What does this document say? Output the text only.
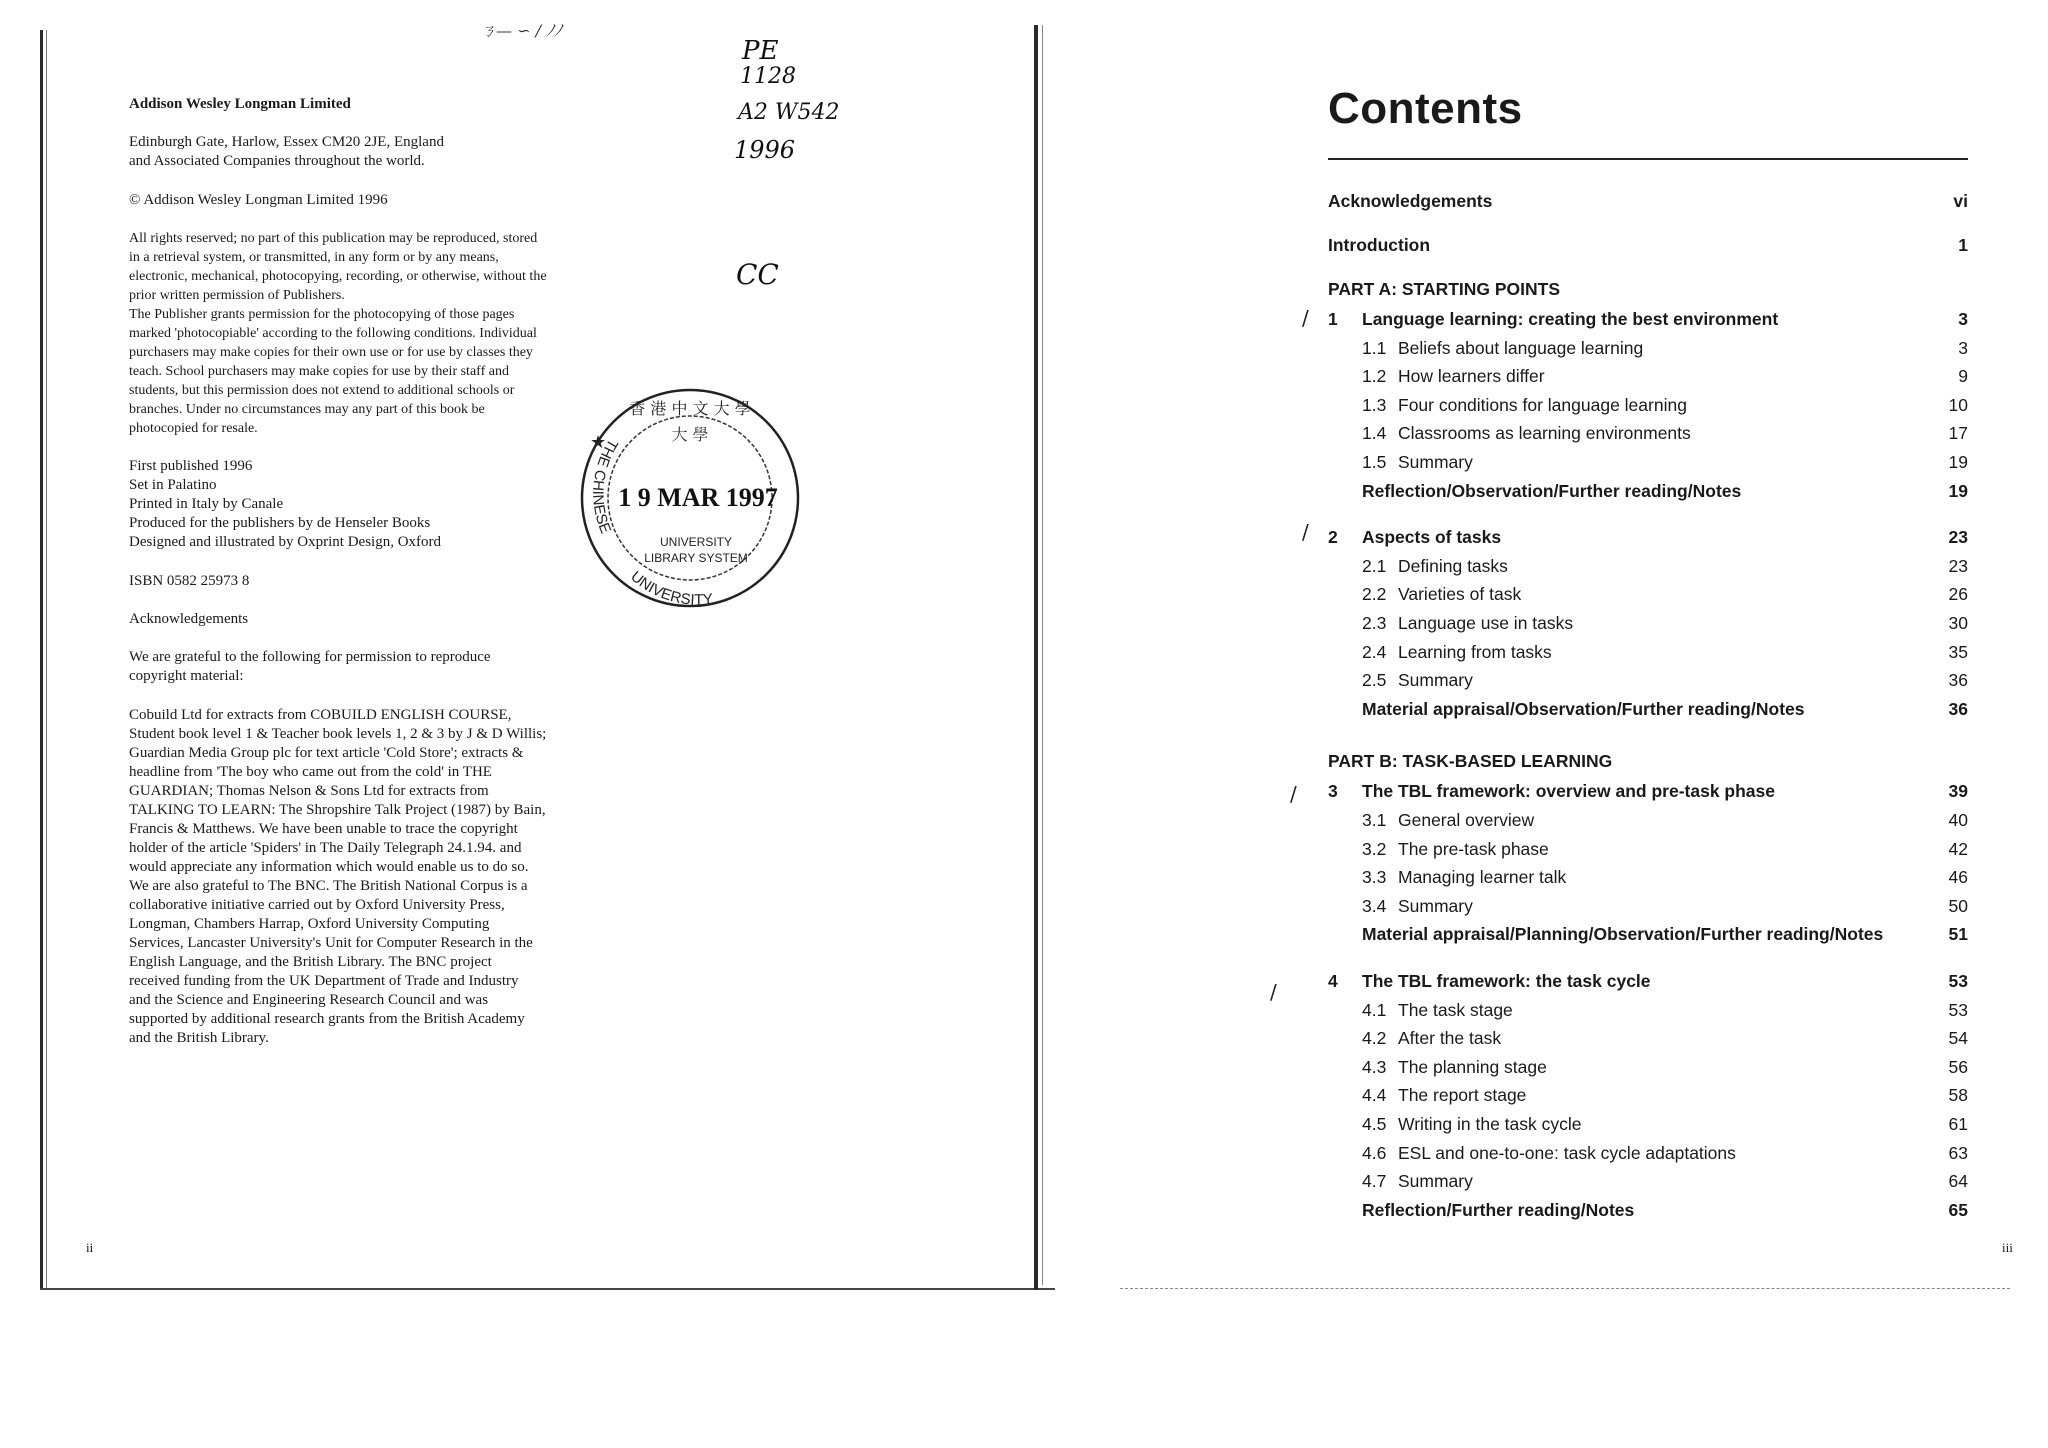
ㄋ— ∽ / ﾉﾉ
PE
1128
A2 W542
1996
CC
Addison Wesley Longman Limited

Edinburgh Gate, Harlow, Essex CM20 2JE, England

and Associated Companies throughout the world.

© Addison Wesley Longman Limited 1996

All rights reserved; no part of this publication may be reproduced, stored

in a retrieval system, or transmitted, in any form or by any means,

electronic, mechanical, photocopying, recording, or otherwise, without the

prior written permission of Publishers.

The Publisher grants permission for the photocopying of those pages

marked 'photocopiable' according to the following conditions. Individual

purchasers may make copies for their own use or for use by classes they

teach. School purchasers may make copies for use by their staff and

students, but this permission does not extend to additional schools or

branches. Under no circumstances may any part of this book be

photocopied for resale.

First published 1996

Set in Palatino

Printed in Italy by Canale

Produced for the publishers by de Henseler Books

Designed and illustrated by Oxprint Design, Oxford

ISBN 0582 25973 8
Acknowledgements

We are grateful to the following for permission to reproduce

copyright material:

Cobuild Ltd for extracts from COBUILD ENGLISH COURSE,

Student book level 1 & Teacher book levels 1, 2 & 3 by J & D Willis;

Guardian Media Group plc for text article 'Cold Store'; extracts &

headline from 'The boy who came out from the cold' in THE

GUARDIAN; Thomas Nelson & Sons Ltd for extracts from

TALKING TO LEARN: The Shropshire Talk Project (1987) by Bain,

Francis & Matthews. We have been unable to trace the copyright

holder of the article 'Spiders' in The Daily Telegraph 24.1.94. and

would appreciate any information which would enable us to do so.

We are also grateful to The BNC. The British National Corpus is a

collaborative initiative carried out by Oxford University Press,

Longman, Chambers Harrap, Oxford University Computing

Services, Lancaster University's Unit for Computer Research in the

English Language, and the British Library. The BNC project

received funding from the UK Department of Trade and Industry

and the Science and Engineering Research Council and was

supported by additional research grants from the British Academy

and the British Library.

ii
香 港 中 文 大 學
大 學
★
1 9 MAR 1997
UNIVERSITY
LIBRARY SYSTEM
THE CHINESE
UNIVERSITY
Contents
Acknowledgements	vi
Introduction	1
PART A: STARTING POINTS
1 Language learning: creating the best environment	3
1.1 Beliefs about language learning	3
1.2 How learners differ	9
1.3 Four conditions for language learning	10
1.4 Classrooms as learning environments	17
1.5 Summary	19
Reflection/Observation/Further reading/Notes	19
2 Aspects of tasks	23
2.1 Defining tasks	23
2.2 Varieties of task	26
2.3 Language use in tasks	30
2.4 Learning from tasks	35
2.5 Summary	36
Material appraisal/Observation/Further reading/Notes	36
PART B: TASK-BASED LEARNING
3 The TBL framework: overview and pre-task phase	39
3.1 General overview	40
3.2 The pre-task phase	42
3.3 Managing learner talk	46
3.4 Summary	50
Material appraisal/Planning/Observation/Further reading/Notes	51
4 The TBL framework: the task cycle	53
4.1 The task stage	53
4.2 After the task	54
4.3 The planning stage	56
4.4 The report stage	58
4.5 Writing in the task cycle	61
4.6 ESL and one-to-one: task cycle adaptations	63
4.7 Summary	64
Reflection/Further reading/Notes	65
/
/
/
/
iii
